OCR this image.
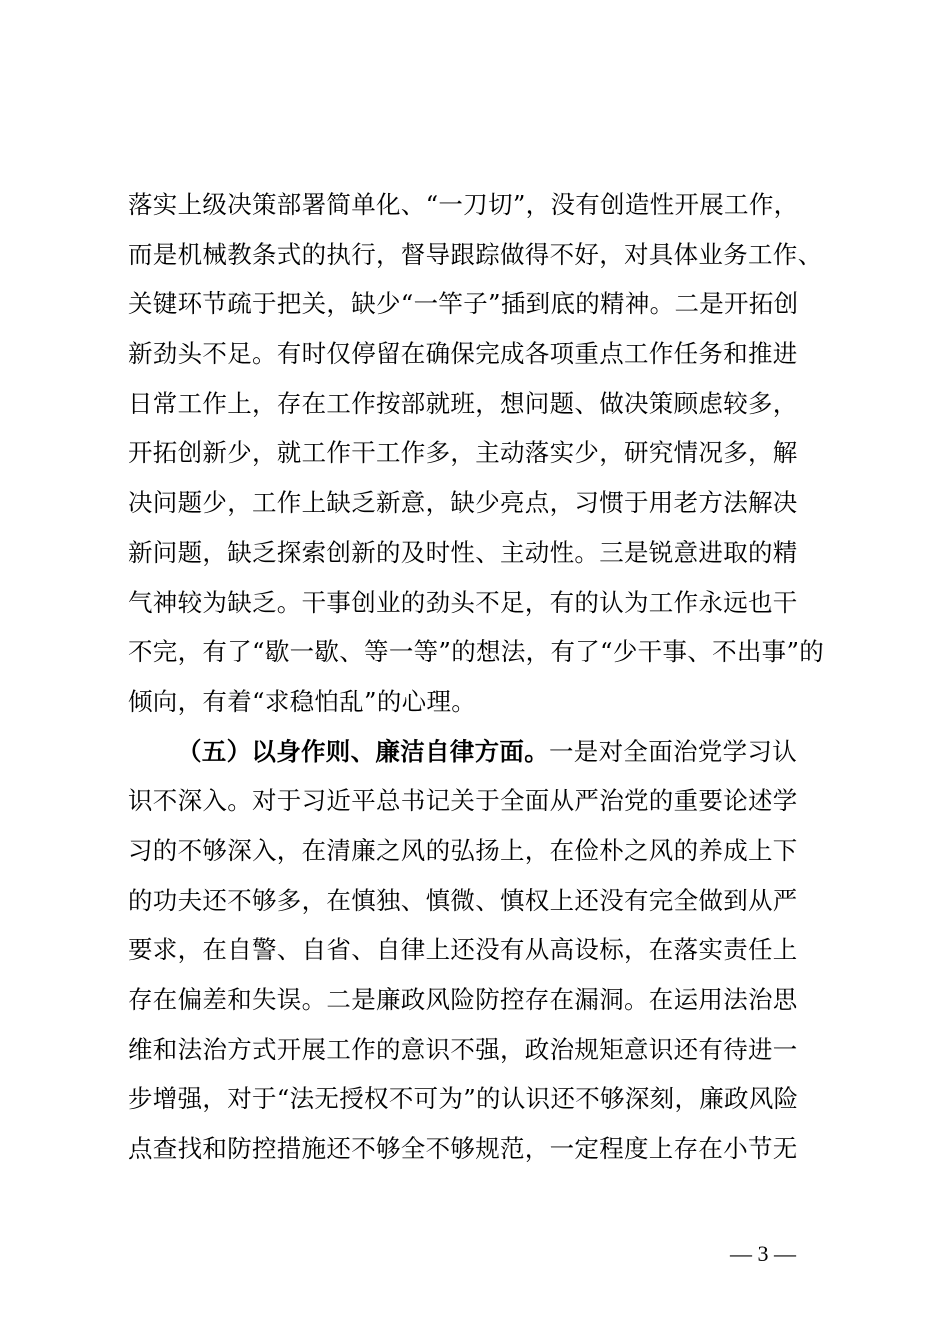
落实上级决策部署简单化、“一刀切”，没有创造性开展工作，
而是机械教条式的执行，督导跟踪做得不好，对具体业务工作、
关键环节疏于把关，缺少“一竿子”插到底的精神。二是开拓创
新劲头不足。有时仅停留在确保完成各项重点工作任务和推进
日常工作上，存在工作按部就班，想问题、做决策顾虑较多，
开拓创新少，就工作干工作多，主动落实少，研究情况多，解
决问题少，工作上缺乏新意，缺少亮点，习惯于用老方法解决
新问题，缺乏探索创新的及时性、主动性。三是锐意进取的精
气神较为缺乏。干事创业的劲头不足，有的认为工作永远也干
不完，有了“歇一歇、等一等”的想法，有了“少干事、不出事”的
倾向，有着“求稳怕乱”的心理。
（五）以身作则、廉洁自律方面。一是对全面治党学习认
识不深入。对于习近平总书记关于全面从严治党的重要论述学
习的不够深入，在清廉之风的弘扬上，在俭朴之风的养成上下
的功夫还不够多，在慎独、慎微、慎权上还没有完全做到从严
要求，在自警、自省、自律上还没有从高设标，在落实责任上
存在偏差和失误。二是廉政风险防控存在漏洞。在运用法治思
维和法治方式开展工作的意识不强，政治规矩意识还有待进一
步增强，对于“法无授权不可为”的认识还不够深刻，廉政风险
点查找和防控措施还不够全不够规范，一定程度上存在小节无
— 3 —
